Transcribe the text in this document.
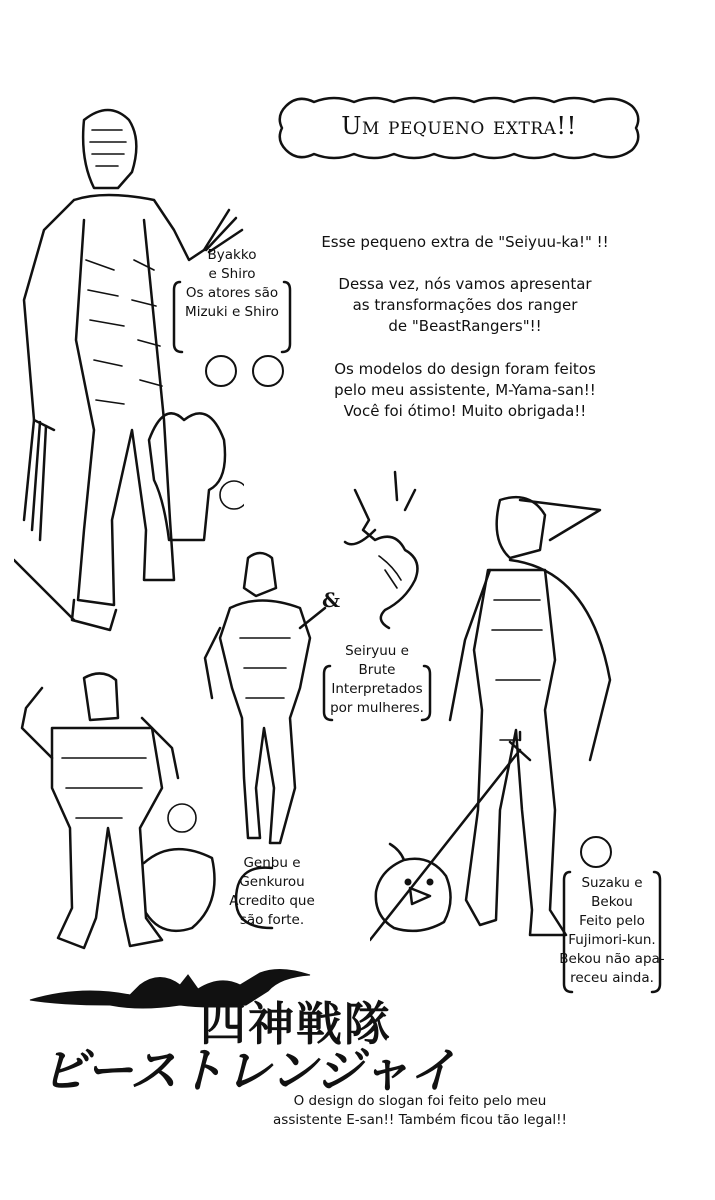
Um pequeno extra!!
Esse pequeno extra de "Seiyuu-ka!" !!
Dessa vez, nós vamos apresentar
as transformações dos ranger
de "BeastRangers"!!
Os modelos do design foram feitos
pelo meu assistente, M-Yama-san!!
Você foi ótimo! Muito obrigada!!
Byakko
e Shiro
Os atores são
Mizuki e Shiro
&
Seiryuu e
Brute
Interpretados
por mulheres.
Suzaku e
Bekou
Feito pelo
Fujimori-kun.
Bekou não apa-
receu ainda.
Genbu e
Genkurou
Acredito que
são forte.
四神戦隊
ビーストレンジャイ
O design do slogan foi feito pelo meu
assistente E-san!! Também ficou tão legal!!
